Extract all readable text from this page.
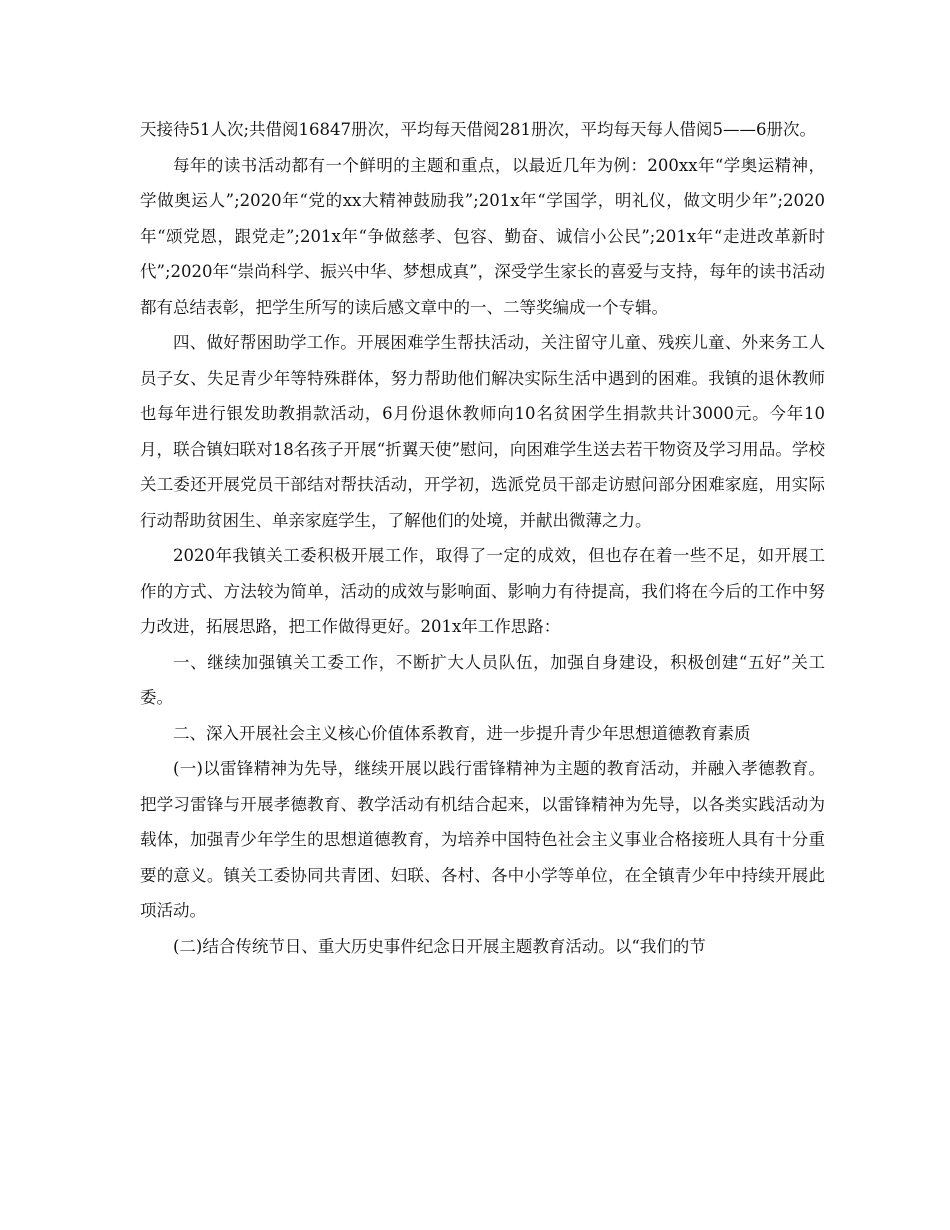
天接待51人次;共借阅16847册次，平均每天借阅281册次，平均每天每人借阅5——6册次。

每年的读书活动都有一个鲜明的主题和重点，以最近几年为例：200xx年“学奥运精神，学做奥运人”;2020年“党的xx大精神鼓励我”;201x年“学国学，明礼仪，做文明少年”;2020年“颂党恩，跟党走”;201x年“争做慈孝、包容、勤奋、诚信小公民”;201x年“走进改革新时代”;2020年“崇尚科学、振兴中华、梦想成真”，深受学生家长的喜爱与支持，每年的读书活动都有总结表彰，把学生所写的读后感文章中的一、二等奖编成一个专辑。

四、做好帮困助学工作。开展困难学生帮扶活动，关注留守儿童、残疾儿童、外来务工人员子女、失足青少年等特殊群体，努力帮助他们解决实际生活中遇到的困难。我镇的退休教师也每年进行银发助教捐款活动，6月份退休教师向10名贫困学生捐款共计3000元。今年10月，联合镇妇联对18名孩子开展“折翼天使”慰问，向困难学生送去若干物资及学习用品。学校关工委还开展党员干部结对帮扶活动，开学初，选派党员干部走访慰问部分困难家庭，用实际行动帮助贫困生、单亲家庭学生，了解他们的处境，并献出微薄之力。

2020年我镇关工委积极开展工作，取得了一定的成效，但也存在着一些不足，如开展工作的方式、方法较为简单，活动的成效与影响面、影响力有待提高，我们将在今后的工作中努力改进，拓展思路，把工作做得更好。201x年工作思路：

一、继续加强镇关工委工作，不断扩大人员队伍，加强自身建设，积极创建“五好”关工委。

二、深入开展社会主义核心价值体系教育，进一步提升青少年思想道德教育素质

(一)以雷锋精神为先导，继续开展以践行雷锋精神为主题的教育活动，并融入孝德教育。把学习雷锋与开展孝德教育、教学活动有机结合起来，以雷锋精神为先导，以各类实践活动为载体，加强青少年学生的思想道德教育，为培养中国特色社会主义事业合格接班人具有十分重要的意义。镇关工委协同共青团、妇联、各村、各中小学等单位，在全镇青少年中持续开展此项活动。

(二)结合传统节日、重大历史事件纪念日开展主题教育活动。以“我们的节
